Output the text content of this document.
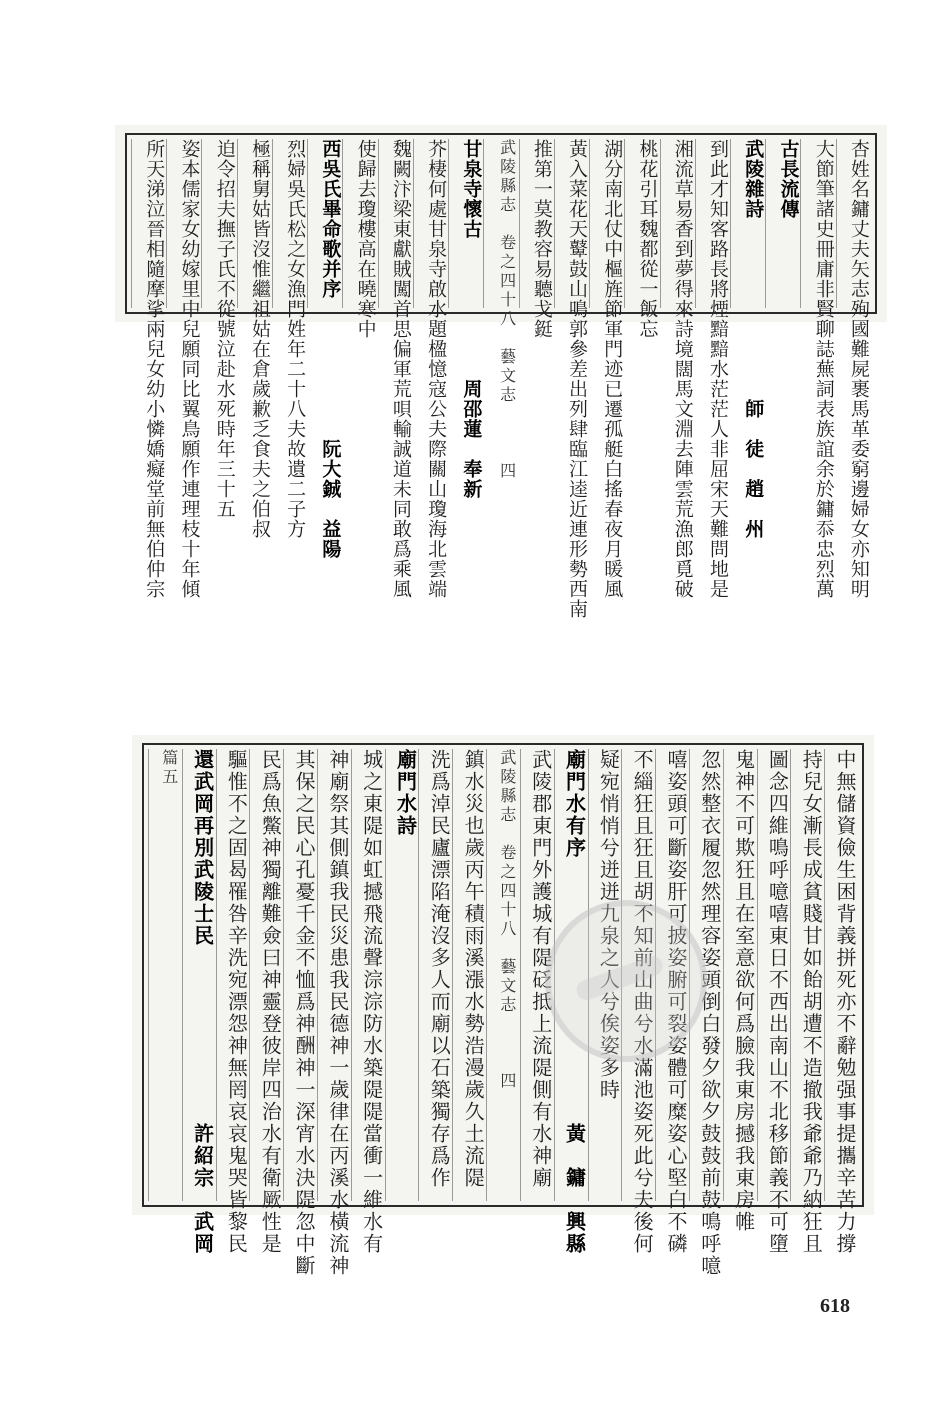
杏姓名鏞丈夫矢志殉國難屍裹馬革委窮邊婦女亦知明
大節筆諸史冊庸非賢聊誌蕪詞表族誼余於鏞忝忠烈萬
古長流傳
武陵雜詩　　　　　　　　　師　徒　趙　州
到此才知客路長將煙黯黯水茫茫人非屈宋天難問地是
湘流草易香到夢得來詩境闊馬文淵去陣雲荒漁郎覓破
桃花引耳魏都從一飯忘
湖分南北仗中樞旌節軍門迹已遷孤艇白搖春夜月暖風
黃入菜花天鼙鼓山鳴郭參差出列肆臨江逵近連形勢西南
推第一莫教容易聽戈鋌
武陵縣志　卷之四十八　藝文志　　　四
甘泉寺懷古　　　　　　　周邵蓮　奉新
芥棲何處甘泉寺啟水題楹憶寇公夫際關山瓊海北雲端
魏闕汴梁東獻賊闖首思偏軍荒唄輸誠道未同敢爲乘風
使歸去瓊樓高在曉寒中
西吳氏畢命歌并序　　　　　　　阮大鋮　益陽
烈婦吳氏松之女漁門姓年二十八夫故遺二子方
極稱舅姑皆沒惟繼祖姑在倉歲歉乏食夫之伯叔
迫令招夫撫子氏不從號泣赴水死時年三十五
姿本儒家女幼嫁里中兒願同比翼鳥願作連理枝十年傾
所天涕泣晉相隨摩挲兩兒女幼小憐嬌癡堂前無伯仲宗
中無儲資儉生困背義拼死亦不辭勉强事提攜辛苦力撐
持兒女漸長成貧賤甘如飴胡遭不造撤我爺爺乃納狂且
圖念四維鳴呼噫嘻東日不西出南山不北移節義不可墮
鬼神不可欺狂且在室意欲何爲臉我東房撼我東房帷
忽然整衣履忽然理容姿頭倒白發夕欲夕鼓鼓前鼓鳴呼噫
嘻姿頭可斷姿肝可披姿腑可裂姿體可糜姿心堅白不磷
不緇狂且狂且胡不知前山曲兮水滿池姿死此兮夫後何
疑宛悄悄兮迸迸九泉之人兮俟姿多時
廟門水有序　　　　　　　　　　　　黃　鏞　興縣
武陵郡東門外護城有隄砭抵上流隄側有水神廟
武陵縣志　卷之四十八　藝文志　　　四
鎮水災也歲丙午積雨溪漲水勢浩漫歲久土流隄
洗爲淖民廬漂陷淹沒多人而廟以石築獨存爲作
廟門水詩
城之東隄如虹撼飛流聲淙淙防水築隄隄當衝一維水有
神廟祭其側鎮我民災患我民德神一歲律在丙溪水橫流神
其保之民心孔憂千金不恤爲神酬神一深宵水決隄忽中斷
民爲魚鱉神獨離難僉曰神靈登彼岸四治水有衛厥性是
驅惟不之固曷罹咎辛洗宛漂怨神無罔哀哀鬼哭皆黎民
還武岡再別武陵士民　　　　　　　　許紹宗　武岡
篇五
618
